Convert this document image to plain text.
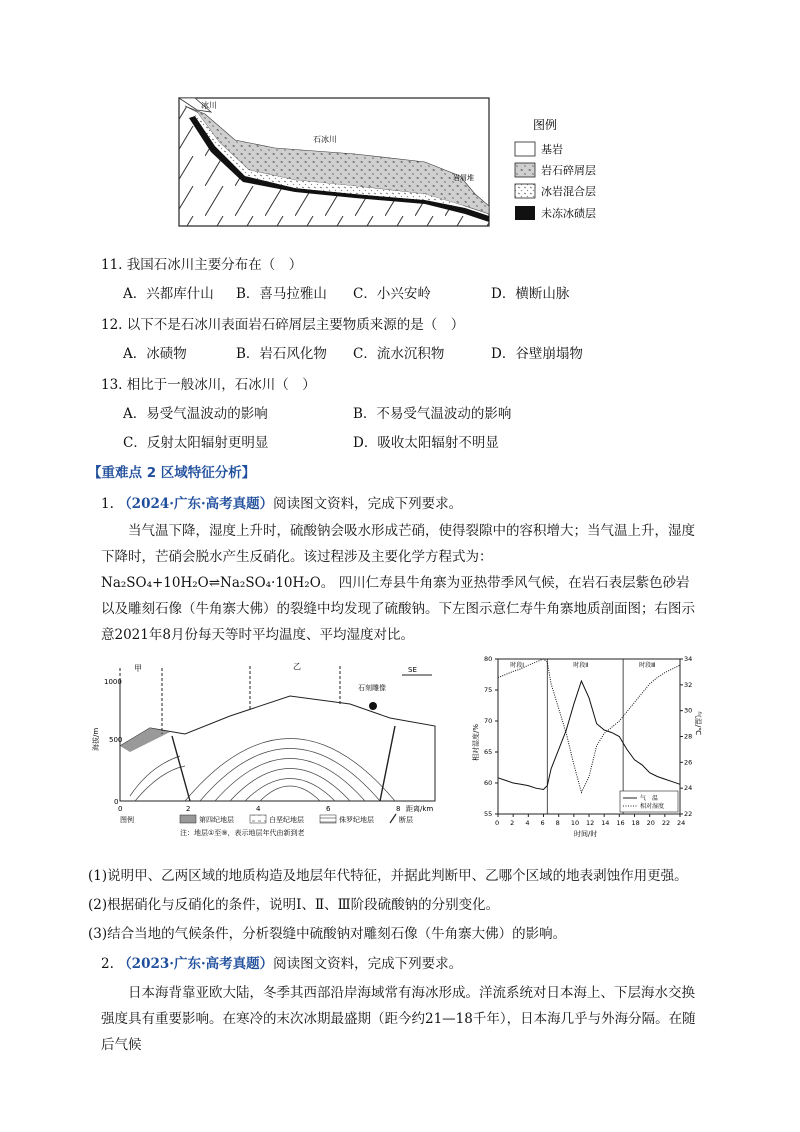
冰川
石冰川
岩屑堆
图例
基岩
岩石碎屑层
冰岩混合层
未冻冰碛层
11. 我国石冰川主要分布在（　）
A．兴都库什山 B．喜马拉雅山 C．小兴安岭	D．横断山脉
12. 以下不是石冰川表面岩石碎屑层主要物质来源的是（　）
A．冰碛物	B．岩石风化物 C．流水沉积物	D．谷壁崩塌物
13. 相比于一般冰川，石冰川（　）
A．易受气温波动的影响	B．不易受气温波动的影响
C．反射太阳辐射更明显	D．吸收太阳辐射不明显
【重难点 2 区域特征分析】
1. （2024·广东·高考真题）阅读图文资料，完成下列要求。
当气温下降，湿度上升时，硫酸钠会吸水形成芒硝，使得裂隙中的容积增大；当气温上升，湿度下降时，芒硝会脱水产生反硝化。该过程涉及主要化学方程式为：Na₂SO₄+10H₂O⇌Na₂SO₄·10H₂O。 四川仁寿县牛角寨为亚热带季风气候，在岩石表层紫色砂岩以及雕刻石像（牛角寨大佛）的裂缝中均发现了硫酸钠。下左图示意仁寿牛角寨地质剖面图；右图示意2021年8月份每天等时平均温度、平均湿度对比。
1000
500
0
海拔/m
0	2	4	6	8 距离/km
甲	乙	SE
石刻雕像
图例	第四纪地层	白垩纪地层	侏罗纪地层	断层
注：地层①至⑨，表示地层年代由新到老
0 2 4 6 8 10 12 14 16 18 20 22 24
55
60
65
70
75
80
22
24
26
28
30
32
34
时段Ⅰ	时段Ⅱ	时段Ⅲ
相对湿度/%
气温/℃
时间/时
气　温
相对湿度
(1)说明甲、乙两区域的地质构造及地层年代特征，并据此判断甲、乙哪个区域的地表剥蚀作用更强。
(2)根据硝化与反硝化的条件，说明Ⅰ、Ⅱ、Ⅲ阶段硫酸钠的分别变化。
(3)结合当地的气候条件，分析裂缝中硫酸钠对雕刻石像（牛角寨大佛）的影响。
2. （2023·广东·高考真题）阅读图文资料，完成下列要求。
日本海背靠亚欧大陆，冬季其西部沿岸海域常有海冰形成。洋流系统对日本海上、下层海水交换强度具有重要影响。在寒冷的末次冰期最盛期（距今约21—18千年），日本海几乎与外海分隔。在随后气候
